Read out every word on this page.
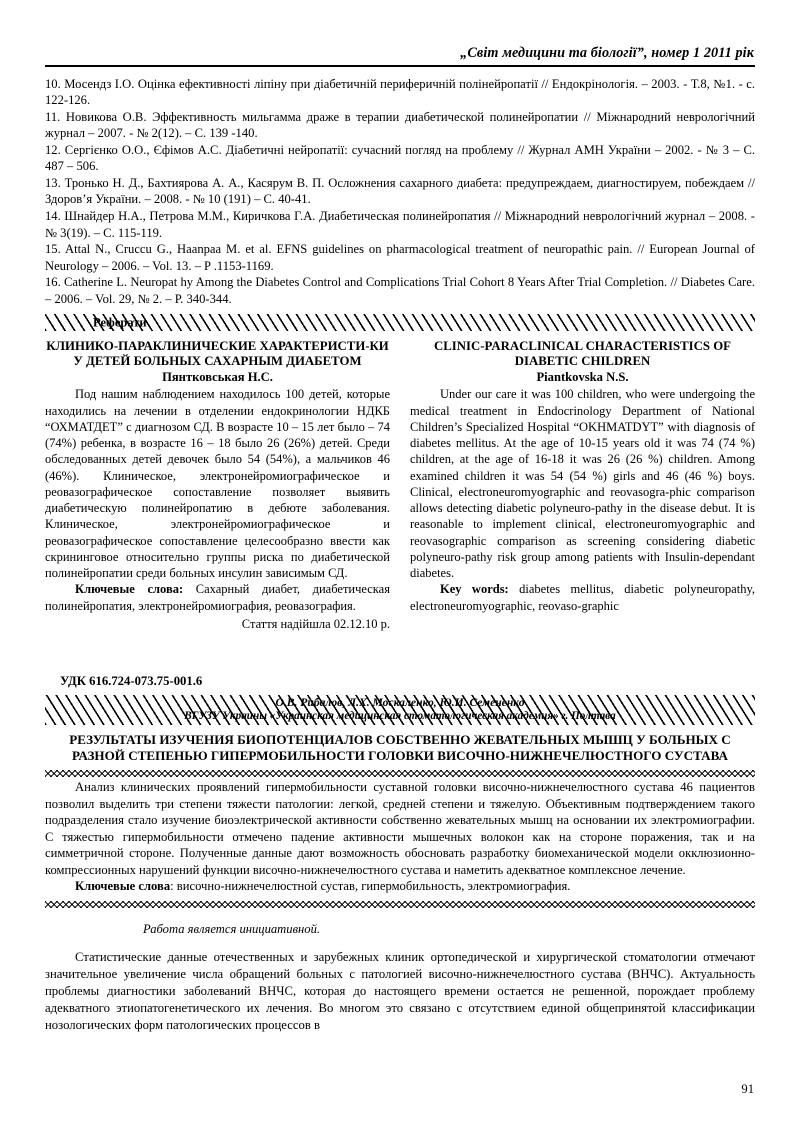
„Світ медицини та біології”, номер 1 2011 рік

10. Мосендз І.О. Оцінка ефективності ліпіну при діабетичній периферичній полінейропатії // Ендокрінологія. – 2003. - Т.8, №1. - с. 122-126.

11. Новикова О.В. Эффективность мильгамма драже в терапии диабетической полинейропатии // Міжнародний неврологічний журнал – 2007. - № 2(12). – С. 139 -140.

12. Сергієнко О.О., Єфімов А.С. Діабетичні нейропатії: сучасний погляд на проблему // Журнал АМН України – 2002. - № 3 – С. 487 – 506.

13. Тронько Н. Д., Бахтиярова А. А., Касярум В. П. Осложнения сахарного диабета: предупреждаем, диагностируем, побеждаем // Здоров’я України. – 2008. - № 10 (191) – С. 40-41.

14. Шнайдер Н.А., Петрова М.М., Киричкова Г.А. Диабетическая полинейропатия // Міжнародний неврологічний журнал – 2008. - № 3(19). – С. 115-119.

15. Attal N., Cruccu G., Haanpaa M. et al. EFNS guidelines on pharmacological treatment of neuropathic pain. // European Journal of Neurology – 2006. – Vol. 13. – P .1153-1169.

16. Catherine L. Neuropat hy Among the Diabetes Control and Complications Trial Cohort 8 Years After Trial Completion. // Diabetes Care. – 2006. – Vol. 29, № 2. – Р. 340-344.

Реферати
КЛИНИКО-ПАРАКЛИНИЧЕСКИЕ ХАРАКТЕРИСТИ-КИ У ДЕТЕЙ БОЛЬНЫХ САХАРНЫМ ДИАБЕТОМ
Пянтковськая Н.С.

Под нашим наблюдением находилось 100 детей, которые находились на лечении в отделении ендокринологии НДКБ “ОХМАТДЕТ” с диагнозом СД. В возрасте 10 – 15 лет было – 74 (74%) ребенка, в возрасте 16 – 18 было 26 (26%) детей. Среди обследованных детей девочек было 54 (54%), а мальчиков 46 (46%). Клиническое, электронейромиографическое и реовазографическое сопоставление позволяет выявить диабетическую полинейропатию в дебюте заболевания. Клиническое, электронейромиографическое и реовазографическое сопоставление целесообразно ввести как скрининговое относительно группы риска по диабетической полинейропатии среди больных инсулин зависимым СД.

Ключевые слова: Сахарный диабет, диабетическая полинейропатия, электронейромиография, реовазография.

Стаття надійшла 02.12.10 р.
CLINIC-PARACLINICAL CHARACTERISTICS OF DIABETIC CHILDREN
Piantkovska N.S.

Under our care it was 100 children, who were undergoing the medical treatment in Endocrinology Department of National Children’s Specialized Hospital “OKHMATDYT” with diagnosis of diabetes mellitus. At the age of 10-15 years old it was 74 (74 %) children, at the age of 16-18 it was 26 (26 %) children. Among examined children it was 54 (54 %) girls and 46 (46 %) boys. Clinical, electroneuromyographic and reovasogra-phic comparison allows detecting diabetic polyneuro-pathy in the disease debut. It is reasonable to implement clinical, electroneuromyographic and reovasographic comparison as screening considering diabetic polyneuro-pathy risk group among patients with Insulin-dependant diabetes.

Key words: diabetes mellitus, diabetic polyneuropathy, electroneuromyographic, reovaso-graphic

УДК 616.724-073.75-001.6
О.В. Рибалов, Л.Х. Москаленко, Ю.И. Семененко
ВГУЗУ Украины «Украинская медицинская стоматологическая академия» г. Полтава
РЕЗУЛЬТАТЫ ИЗУЧЕНИЯ БИОПОТЕНЦИАЛОВ СОБСТВЕННО ЖЕВАТЕЛЬНЫХ МЫШЦ У БОЛЬНЫХ С РАЗНОЙ СТЕПЕНЬЮ ГИПЕРМОБИЛЬНОСТИ ГОЛОВКИ ВИСОЧНО-НИЖНЕЧЕЛЮСТНОГО СУСТАВА

Анализ клинических проявлений гипермобильности суставной головки височно-нижнечелюстного сустава 46 пациентов позволил выделить три степени тяжести патологии: легкой, средней степени и тяжелую. Объективным подтверждением такого подразделения стало изучение биоэлектрической активности собственно жевательных мышц на основании их электромиографии. С тяжестью гипермобильности отмечено падение активности мышечных волокон как на стороне поражения, так и на симметричной стороне. Полученные данные дают возможность обосновать разработку биомеханической модели окклюзионно-компрессионных нарушений функции височно-нижнечелюстного сустава и наметить адекватное комплексное лечение.

Ключевые слова: височно-нижнечелюстной сустав, гипермобильность, электромиография.

Работа является инициативной.

Статистические данные отечественных и зарубежных клиник ортопедической и хирургической стоматологии отмечают значительное увеличение числа обращений больных с патологией височно-нижнечелюстного сустава (ВНЧС). Актуальность проблемы диагностики заболеваний ВНЧС, которая до настоящего времени остается не решенной, порождает проблему адекватного этиопатогенетического их лечения. Во многом это связано с отсутствием единой общепринятой классификации нозологических форм патологических процессов в

91
